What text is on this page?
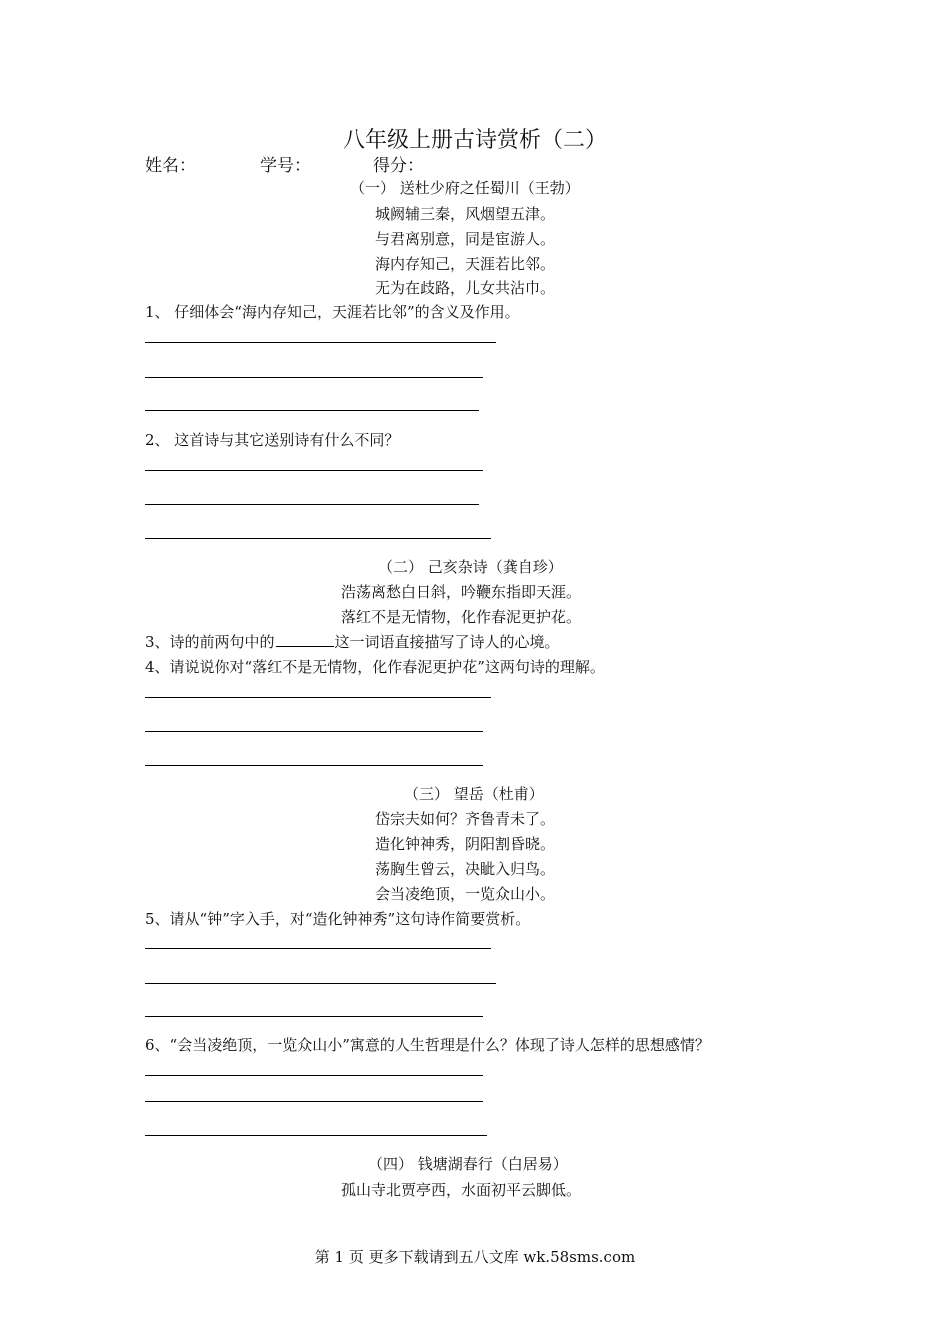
八年级上册古诗赏析（二）
姓名：	学号：	得分：
（一） 送杜少府之任蜀川（王勃）
城阙辅三秦，风烟望五津。
与君离别意，同是宦游人。
海内存知己，天涯若比邻。
无为在歧路，儿女共沾巾。
1、 仔细体会“海内存知己，天涯若比邻”的含义及作用。
2、 这首诗与其它送别诗有什么不同？
（二） 己亥杂诗（龚自珍）
浩荡离愁白日斜，吟鞭东指即天涯。
落红不是无情物，化作春泥更护花。
3、诗的前两句中的	这一词语直接描写了诗人的心境。
4、请说说你对“落红不是无情物，化作春泥更护花”这两句诗的理解。
（三） 望岳（杜甫）
岱宗夫如何？齐鲁青未了。
造化钟神秀，阴阳割昏晓。
荡胸生曾云，决眦入归鸟。
会当凌绝顶，一览众山小。
5、请从“钟”字入手，对“造化钟神秀”这句诗作简要赏析。
6、“会当凌绝顶，一览众山小”寓意的人生哲理是什么？体现了诗人怎样的思想感情？
（四） 钱塘湖春行（白居易）
孤山寺北贾亭西，水面初平云脚低。
第 1 页 更多下载请到五八文库 wk.58sms.com
